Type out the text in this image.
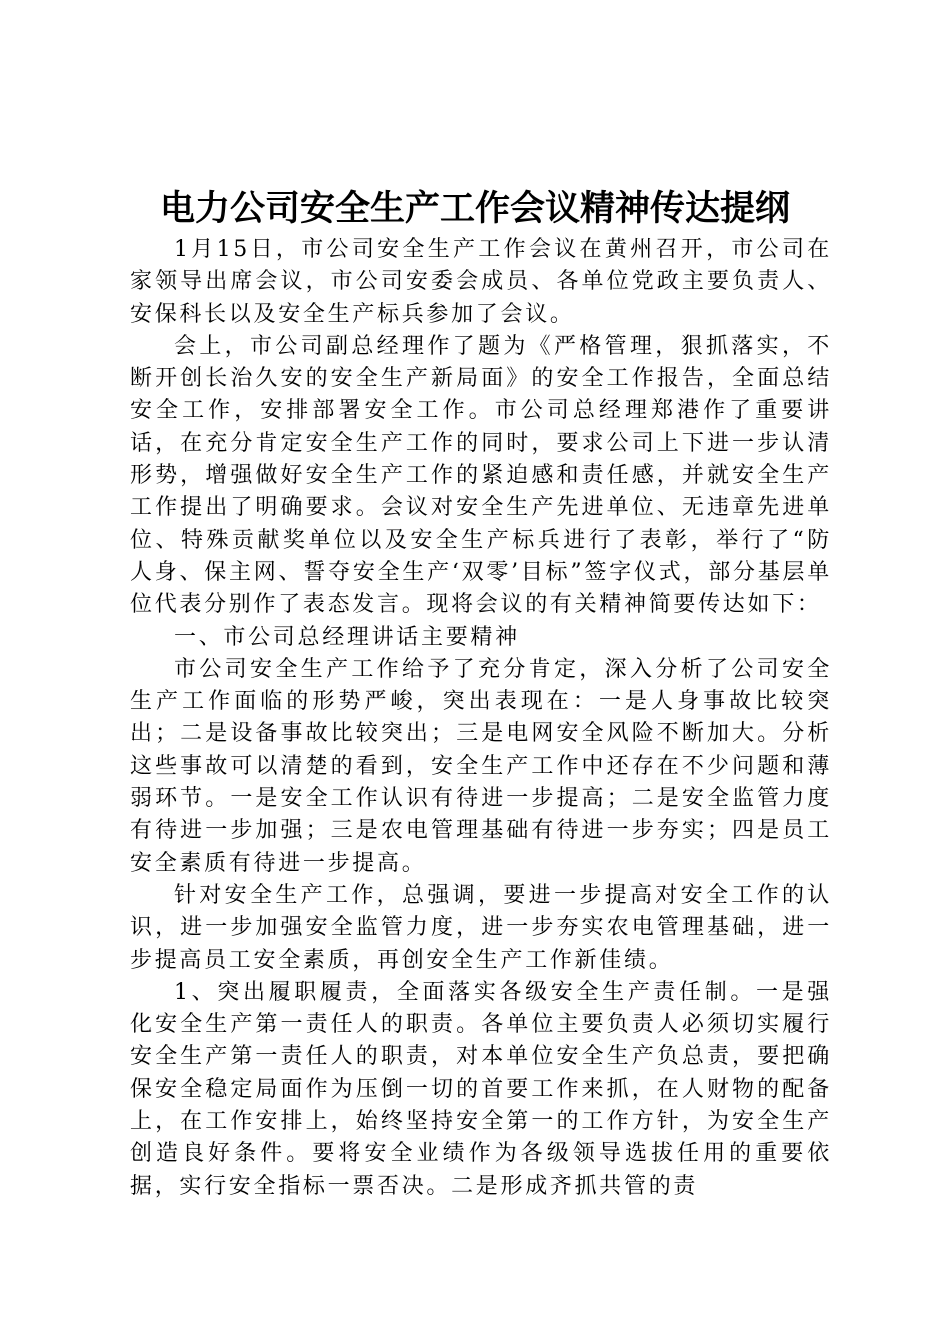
电力公司安全生产工作会议精神传达提纲

1月15日，市公司安全生产工作会议在黄州召开，市公司在家领导出席会议，市公司安委会成员、各单位党政主要负责人、安保科长以及安全生产标兵参加了会议。

会上，市公司副总经理作了题为《严格管理，狠抓落实，不断开创长治久安的安全生产新局面》的安全工作报告，全面总结安全工作，安排部署安全工作。市公司总经理郑港作了重要讲话，在充分肯定安全生产工作的同时，要求公司上下进一步认清形势，增强做好安全生产工作的紧迫感和责任感，并就安全生产工作提出了明确要求。会议对安全生产先进单位、无违章先进单位、特殊贡献奖单位以及安全生产标兵进行了表彰，举行了“防人身、保主网、誓夺安全生产‘双零’目标”签字仪式，部分基层单位代表分别作了表态发言。现将会议的有关精神简要传达如下：

一、市公司总经理讲话主要精神

市公司安全生产工作给予了充分肯定，深入分析了公司安全生产工作面临的形势严峻，突出表现在：一是人身事故比较突出；二是设备事故比较突出；三是电网安全风险不断加大。分析这些事故可以清楚的看到，安全生产工作中还存在不少问题和薄弱环节。一是安全工作认识有待进一步提高；二是安全监管力度有待进一步加强；三是农电管理基础有待进一步夯实；四是员工安全素质有待进一步提高。

针对安全生产工作，总强调，要进一步提高对安全工作的认识，进一步加强安全监管力度，进一步夯实农电管理基础，进一步提高员工安全素质，再创安全生产工作新佳绩。

1、突出履职履责，全面落实各级安全生产责任制。一是强化安全生产第一责任人的职责。各单位主要负责人必须切实履行安全生产第一责任人的职责，对本单位安全生产负总责，要把确保安全稳定局面作为压倒一切的首要工作来抓，在人财物的配备上，在工作安排上，始终坚持安全第一的工作方针，为安全生产创造良好条件。要将安全业绩作为各级领导选拔任用的重要依据，实行安全指标一票否决。二是形成齐抓共管的责
